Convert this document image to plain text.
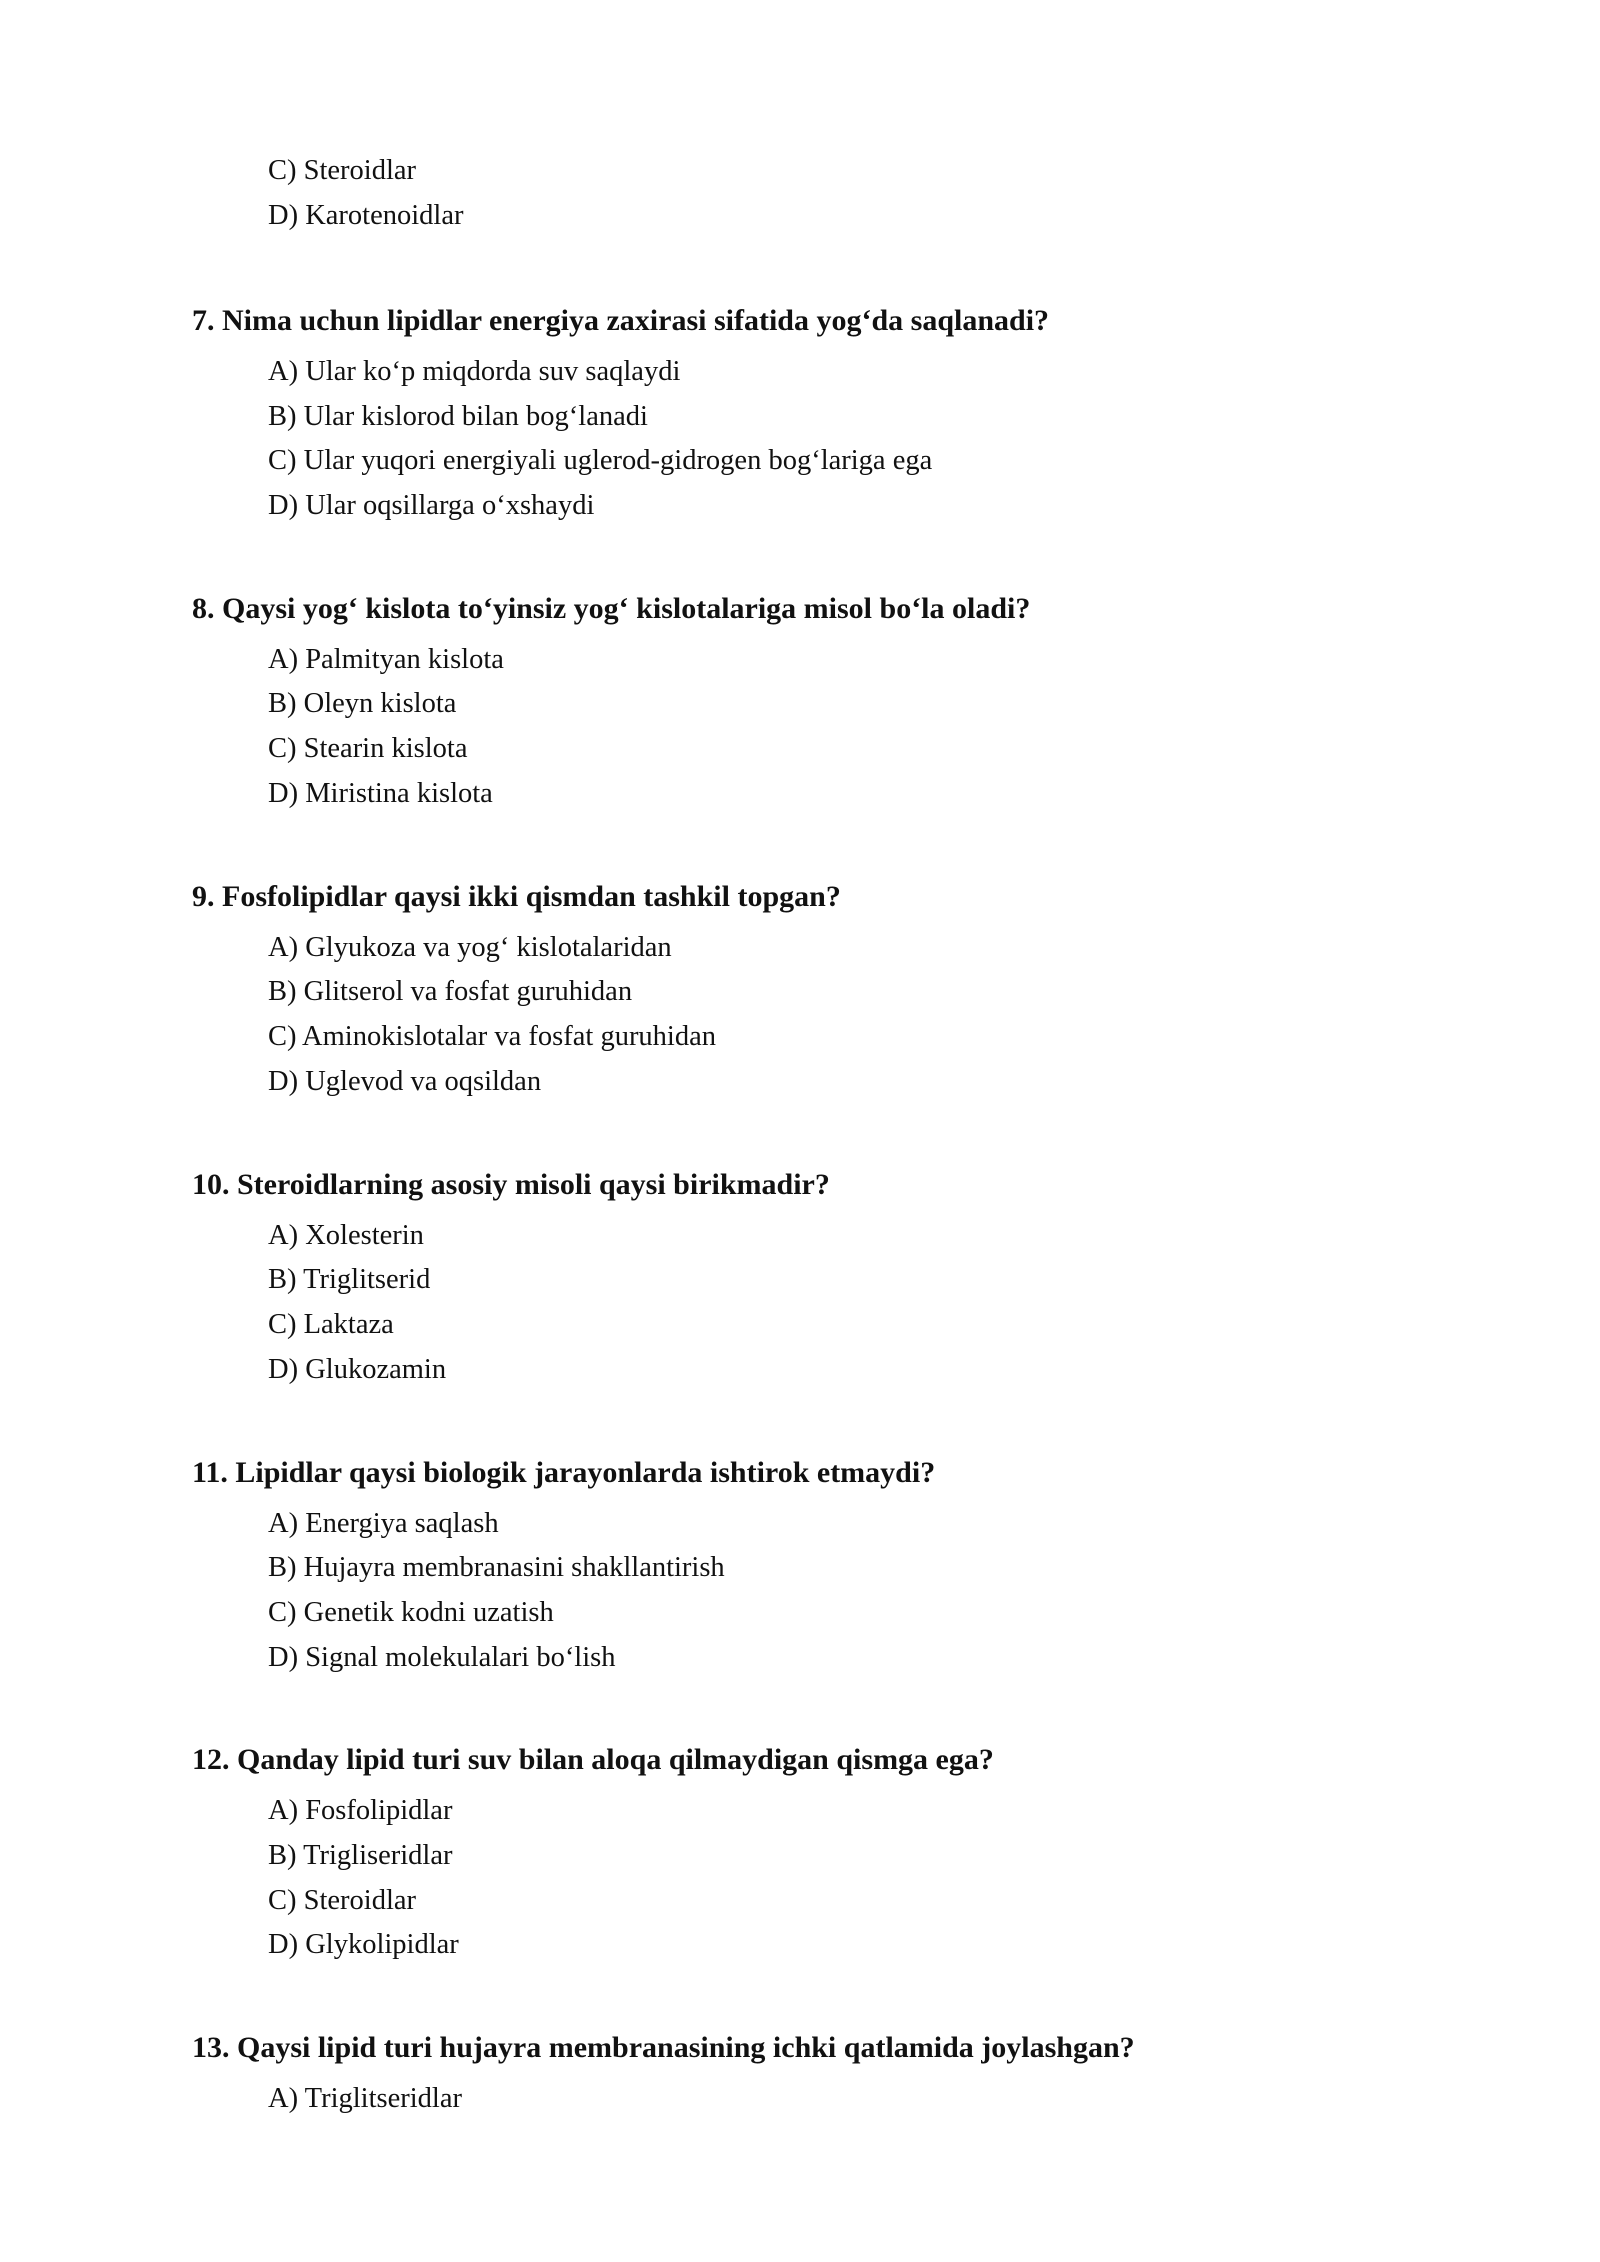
C) Steroidlar
D) Karotenoidlar
7. Nima uchun lipidlar energiya zaxirasi sifatida yog‘da saqlanadi?
A) Ular ko‘p miqdorda suv saqlaydi
B) Ular kislorod bilan bog‘lanadi
C) Ular yuqori energiyali uglerod-gidrogen bog‘lariga ega
D) Ular oqsillarga o‘xshaydi
8. Qaysi yog‘ kislota to‘yinsiz yog‘ kislotalariga misol bo‘la oladi?
A) Palmityan kislota
B) Oleyn kislota
C) Stearin kislota
D) Miristina kislota
9. Fosfolipidlar qaysi ikki qismdan tashkil topgan?
A) Glyukoza va yog‘ kislotalaridan
B) Glitserol va fosfat guruhidan
C) Aminokislotalar va fosfat guruhidan
D) Uglevod va oqsildan
10. Steroidlarning asosiy misoli qaysi birikmadir?
A) Xolesterin
B) Triglitserid
C) Laktaza
D) Glukozamin
11. Lipidlar qaysi biologik jarayonlarda ishtirok etmaydi?
A) Energiya saqlash
B) Hujayra membranasini shakllantirish
C) Genetik kodni uzatish
D) Signal molekulalari bo‘lish
12. Qanday lipid turi suv bilan aloqa qilmaydigan qismga ega?
A) Fosfolipidlar
B) Trigliseridlar
C) Steroidlar
D) Glykolipidlar
13. Qaysi lipid turi hujayra membranasining ichki qatlamida joylashgan?
A) Triglitseridlar
